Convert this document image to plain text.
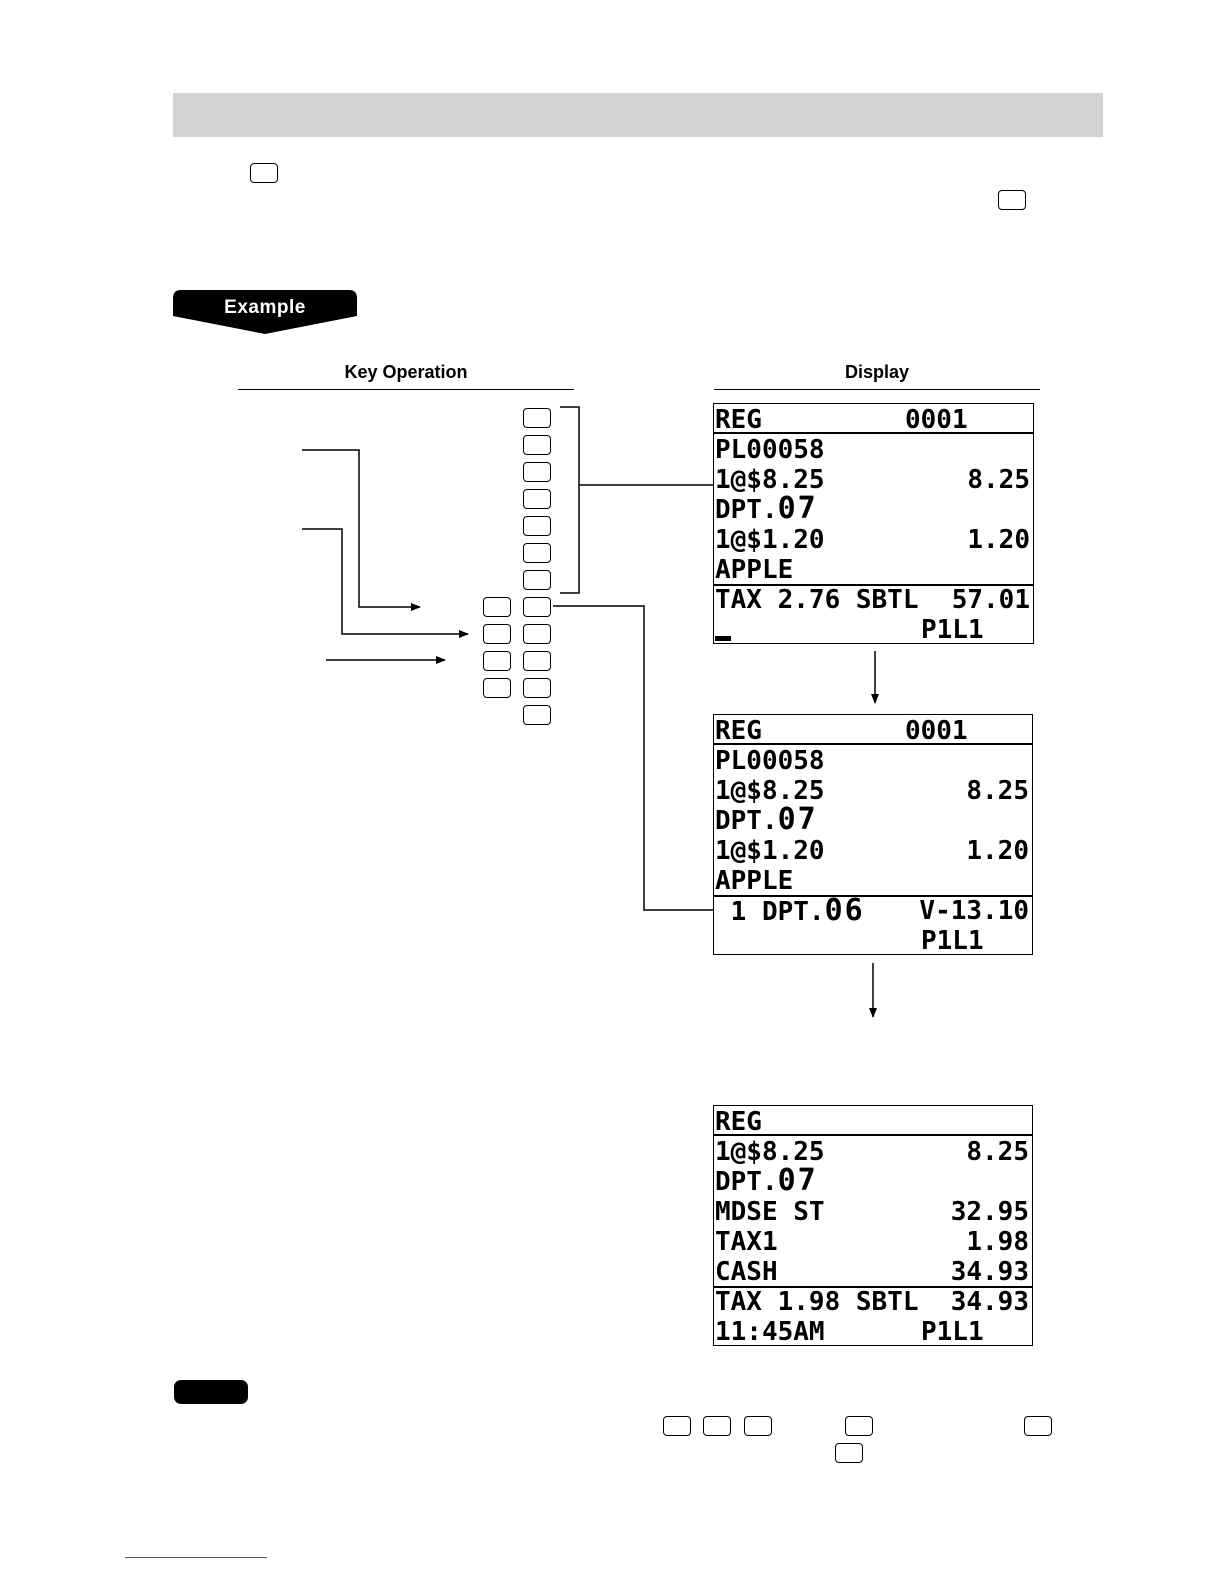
Example
Key Operation	Display
REG	0001
PL00058
1@$8.25	8.25
DPT.07
1@$1.20	1.20
APPLE
TAX 2.76 SBTL 57.01
P1L1
REG	0001
PL00058
1@$8.25	8.25
DPT.07
1@$1.20	1.20
APPLE
1 DPT.06 V-13.10
P1L1
REG
1@$8.25	8.25
DPT.07
MDSE ST	32.95
TAX1	1.98
CASH	34.93
TAX 1.98 SBTL 34.93
11:45AM	P1L1
